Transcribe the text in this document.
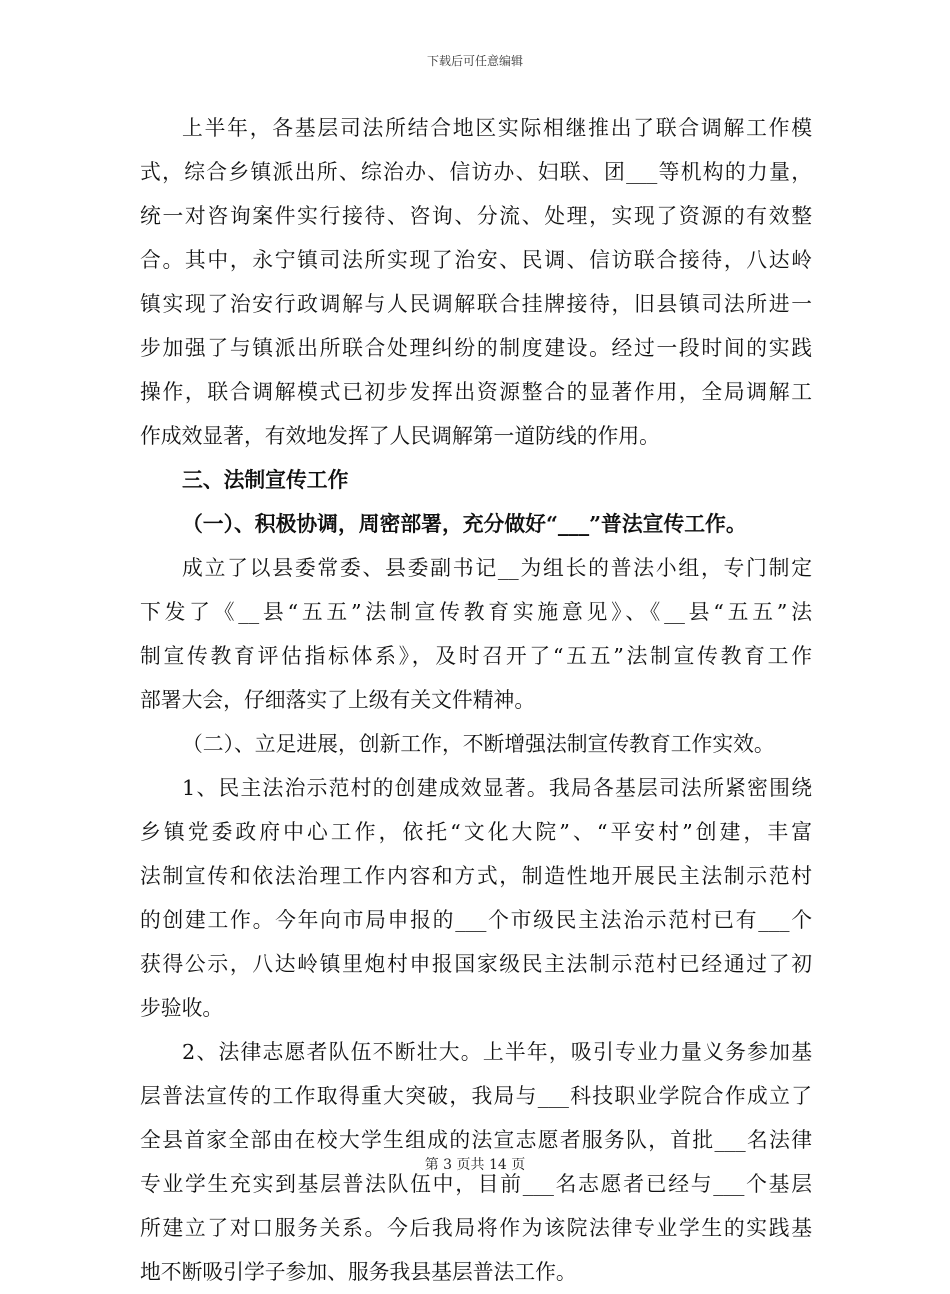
下载后可任意编辑
上半年，各基层司法所结合地区实际相继推出了联合调解工作模
式，综合乡镇派出所、综治办、信访办、妇联、团___等机构的力量，
统一对咨询案件实行接待、咨询、分流、处理，实现了资源的有效整
合。其中，永宁镇司法所实现了治安、民调、信访联合接待，八达岭
镇实现了治安行政调解与人民调解联合挂牌接待，旧县镇司法所进一
步加强了与镇派出所联合处理纠纷的制度建设。经过一段时间的实践
操作，联合调解模式已初步发挥出资源整合的显著作用，全局调解工
作成效显著，有效地发挥了人民调解第一道防线的作用。
三、法制宣传工作
（一）、积极协调，周密部署，充分做好“___”普法宣传工作。
成立了以县委常委、县委副书记__为组长的普法小组，专门制定
下发了《__县“五五”法制宣传教育实施意见》、《__县“五五”法
制宣传教育评估指标体系》，及时召开了“五五”法制宣传教育工作
部署大会，仔细落实了上级有关文件精神。
（二）、立足进展，创新工作，不断增强法制宣传教育工作实效。
1、民主法治示范村的创建成效显著。我局各基层司法所紧密围绕
乡镇党委政府中心工作，依托“文化大院”、“平安村”创建，丰富
法制宣传和依法治理工作内容和方式，制造性地开展民主法制示范村
的创建工作。今年向市局申报的___个市级民主法治示范村已有___个
获得公示，八达岭镇里炮村申报国家级民主法制示范村已经通过了初
步验收。
2、法律志愿者队伍不断壮大。上半年，吸引专业力量义务参加基
层普法宣传的工作取得重大突破，我局与___科技职业学院合作成立了
全县首家全部由在校大学生组成的法宣志愿者服务队，首批___名法律
专业学生充实到基层普法队伍中，目前___名志愿者已经与___个基层
所建立了对口服务关系。今后我局将作为该院法律专业学生的实践基
地不断吸引学子参加、服务我县基层普法工作。
第 3 页共 14 页
